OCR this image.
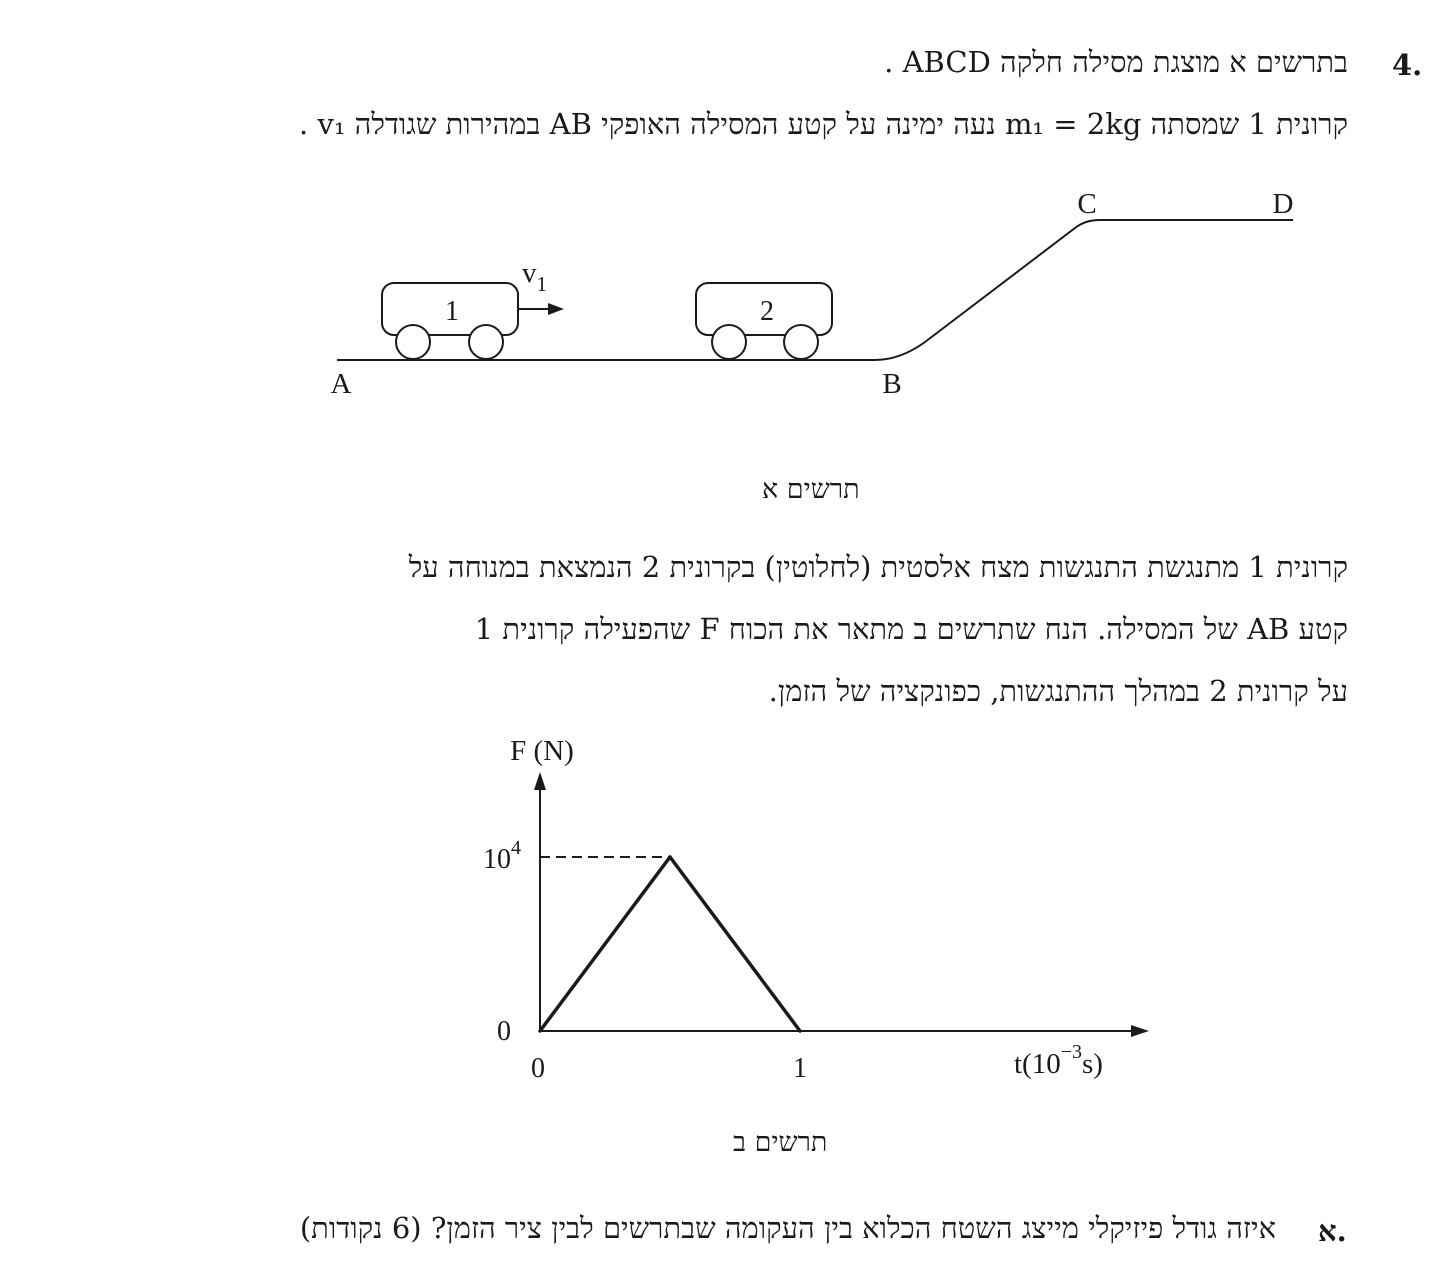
4.
בתרשים א מוצגת מסילה חלקה ABCD .
קרונית 1 שמסתה m₁ = 2kg נעה ימינה על קטע המסילה האופקי AB במהירות שגודלה v₁ .
1
$v_1$
2
A	B
C	D
תרשים א
קרונית 1 מתנגשת התנגשות מצח אלסטית (לחלוטין) בקרונית 2 הנמצאת במנוחה על
קטע AB של המסילה. הנח שתרשים ב מתאר את הכוח F שהפעילה קרונית 1
על קרונית 2 במהלך ההתנגשות, כפונקציה של הזמן.
F (N)
$10^4$
0
0	1	$t(10^{-3}s)$
תרשים ב
א.
איזה גודל פיזיקלי מייצג השטח הכלוא בין העקומה שבתרשים לבין ציר הזמן? (6 נקודות)
